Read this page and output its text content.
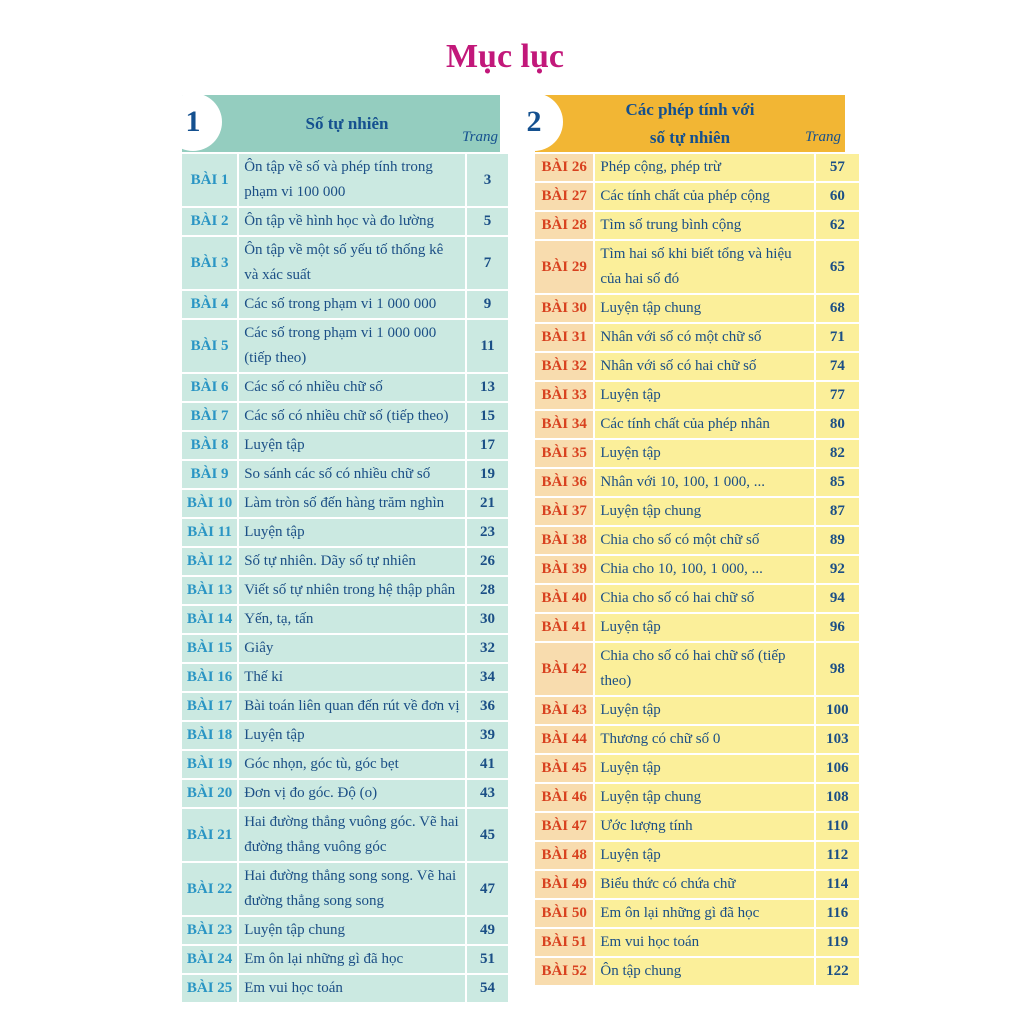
Mục lục
1	Số tự nhiên
Trang
BÀI 1	Ôn tập về số và phép tính trong phạm vi 100 000	3
BÀI 2	Ôn tập về hình học và đo lường	5
BÀI 3	Ôn tập về một số yếu tố thống kê và xác suất	7
BÀI 4	Các số trong phạm vi 1 000 000	9
BÀI 5	Các số trong phạm vi 1 000 000 (tiếp theo)	11
BÀI 6	Các số có nhiều chữ số	13
BÀI 7	Các số có nhiều chữ số (tiếp theo)	15
BÀI 8	Luyện tập	17
BÀI 9	So sánh các số có nhiều chữ số	19
BÀI 10	Làm tròn số đến hàng trăm nghìn	21
BÀI 11	Luyện tập	23
BÀI 12	Số tự nhiên. Dãy số tự nhiên	26
BÀI 13	Viết số tự nhiên trong hệ thập phân	28
BÀI 14	Yến, tạ, tấn	30
BÀI 15	Giây	32
BÀI 16	Thế kỉ	34
BÀI 17	Bài toán liên quan đến rút về đơn vị	36
BÀI 18	Luyện tập	39
BÀI 19	Góc nhọn, góc tù, góc bẹt	41
BÀI 20	Đơn vị đo góc. Độ (o)	43
BÀI 21	Hai đường thẳng vuông góc. Vẽ hai đường thẳng vuông góc	45
BÀI 22	Hai đường thẳng song song. Vẽ hai đường thẳng song song	47
BÀI 23	Luyện tập chung	49
BÀI 24	Em ôn lại những gì đã học	51
BÀI 25	Em vui học toán	54
2	Các phép tính với
số tự nhiên	Trang
BÀI 26	Phép cộng, phép trừ	57
BÀI 27	Các tính chất của phép cộng	60
BÀI 28	Tìm số trung bình cộng	62
BÀI 29	Tìm hai số khi biết tổng và hiệu của hai số đó	65
BÀI 30	Luyện tập chung	68
BÀI 31	Nhân với số có một chữ số	71
BÀI 32	Nhân với số có hai chữ số	74
BÀI 33	Luyện tập	77
BÀI 34	Các tính chất của phép nhân	80
BÀI 35	Luyện tập	82
BÀI 36	Nhân với 10, 100, 1 000, ...	85
BÀI 37	Luyện tập chung	87
BÀI 38	Chia cho số có một chữ số	89
BÀI 39	Chia cho 10, 100, 1 000, ...	92
BÀI 40	Chia cho số có hai chữ số	94
BÀI 41	Luyện tập	96
BÀI 42	Chia cho số có hai chữ số (tiếp theo)	98
BÀI 43	Luyện tập	100
BÀI 44	Thương có chữ số 0	103
BÀI 45	Luyện tập	106
BÀI 46	Luyện tập chung	108
BÀI 47	Ước lượng tính	110
BÀI 48	Luyện tập	112
BÀI 49	Biểu thức có chứa chữ	114
BÀI 50	Em ôn lại những gì đã học	116
BÀI 51	Em vui học toán	119
BÀI 52	Ôn tập chung	122
